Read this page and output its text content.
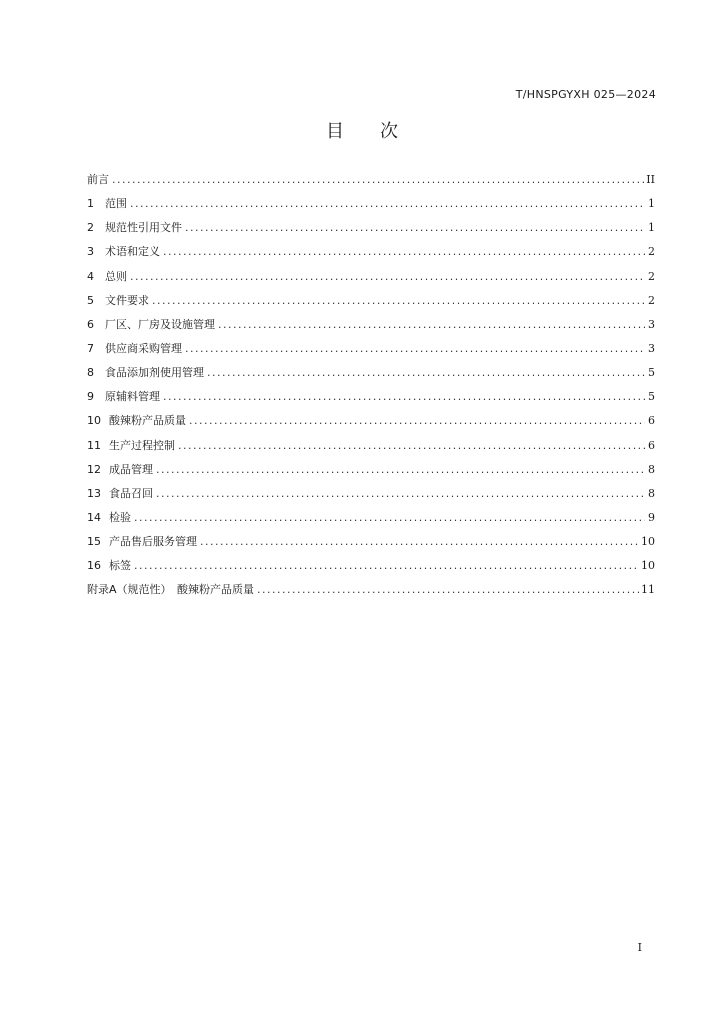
T/HNSPGYXH 025—2024
目 次
前言 .....	II
1 范围 .....	1
2 规范性引用文件 .....	1
3 术语和定义 .....	2
4 总则 .....	2
5 文件要求 .....	2
6 厂区、厂房及设施管理 .....	3
7 供应商采购管理 .....	3
8 食品添加剂使用管理 .....	5
9 原辅料管理 .....	5
10 酸辣粉产品质量 .....	6
11 生产过程控制 .....	6
12 成品管理 .....	8
13 食品召回 .....	8
14 检验 .....	9
15 产品售后服务管理 .....	10
16 标签 .....	10
附录A（规范性）　酸辣粉产品质量 .....	11
I
